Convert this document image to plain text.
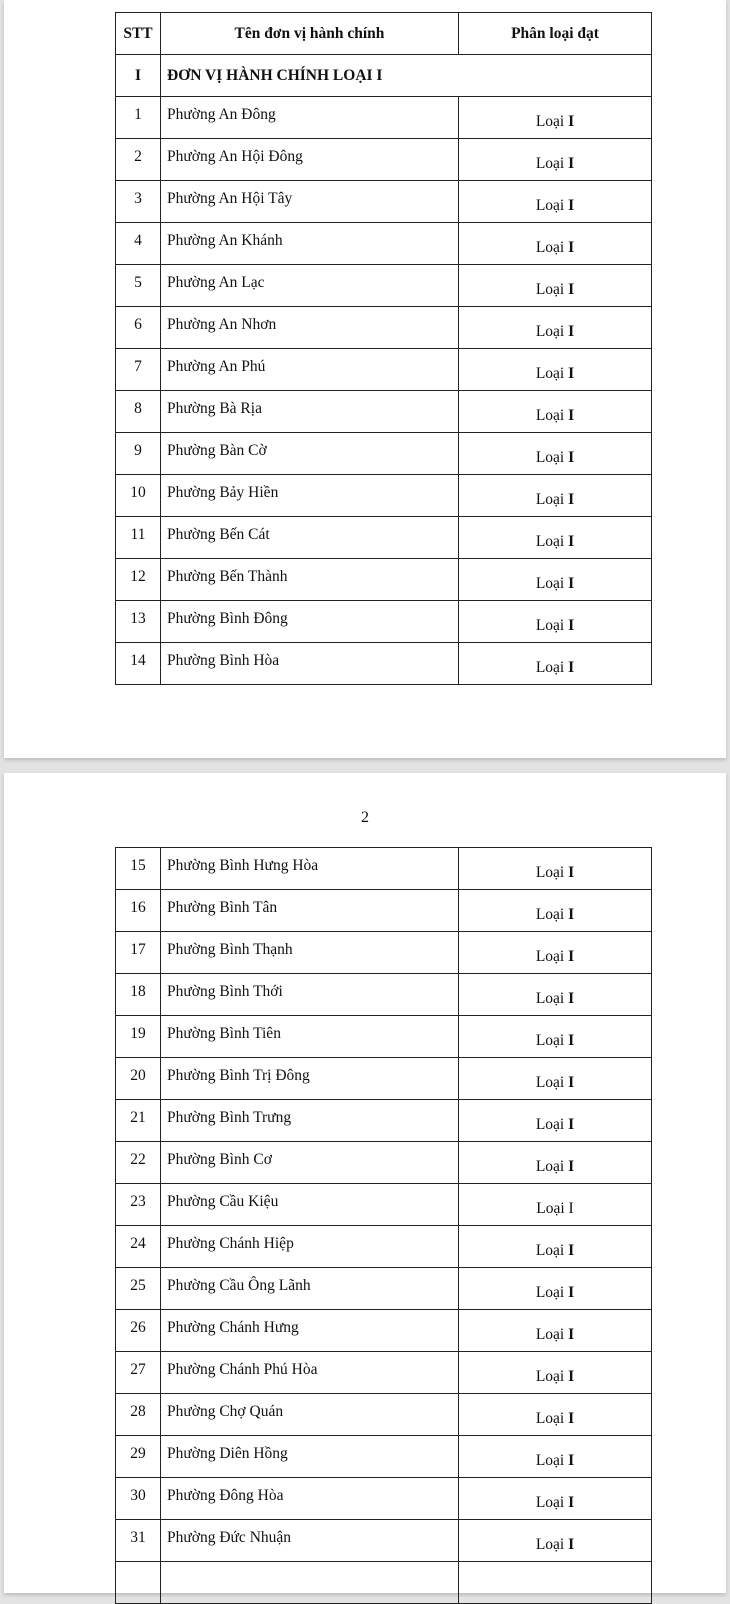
STT	Tên đơn vị hành chính	Phân loại đạt
I	ĐƠN VỊ HÀNH CHÍNH LOẠI I	
1	Phường An Đông	Loại I
2	Phường An Hội Đông	Loại I
3	Phường An Hội Tây	Loại I
4	Phường An Khánh	Loại I
5	Phường An Lạc	Loại I
6	Phường An Nhơn	Loại I
7	Phường An Phú	Loại I
8	Phường Bà Rịa	Loại I
9	Phường Bàn Cờ	Loại I
10	Phường Bảy Hiền	Loại I
11	Phường Bến Cát	Loại I
12	Phường Bến Thành	Loại I
13	Phường Bình Đông	Loại I
14	Phường Bình Hòa	Loại I
2
15	Phường Bình Hưng Hòa	Loại I
16	Phường Bình Tân	Loại I
17	Phường Bình Thạnh	Loại I
18	Phường Bình Thới	Loại I
19	Phường Bình Tiên	Loại I
20	Phường Bình Trị Đông	Loại I
21	Phường Bình Trưng	Loại I
22	Phường Bình Cơ	Loại I
23	Phường Cầu Kiệu	Loại I
24	Phường Chánh Hiệp	Loại I
25	Phường Cầu Ông Lãnh	Loại I
26	Phường Chánh Hưng	Loại I
27	Phường Chánh Phú Hòa	Loại I
28	Phường Chợ Quán	Loại I
29	Phường Diên Hồng	Loại I
30	Phường Đông Hòa	Loại I
31	Phường Đức Nhuận	Loại I
